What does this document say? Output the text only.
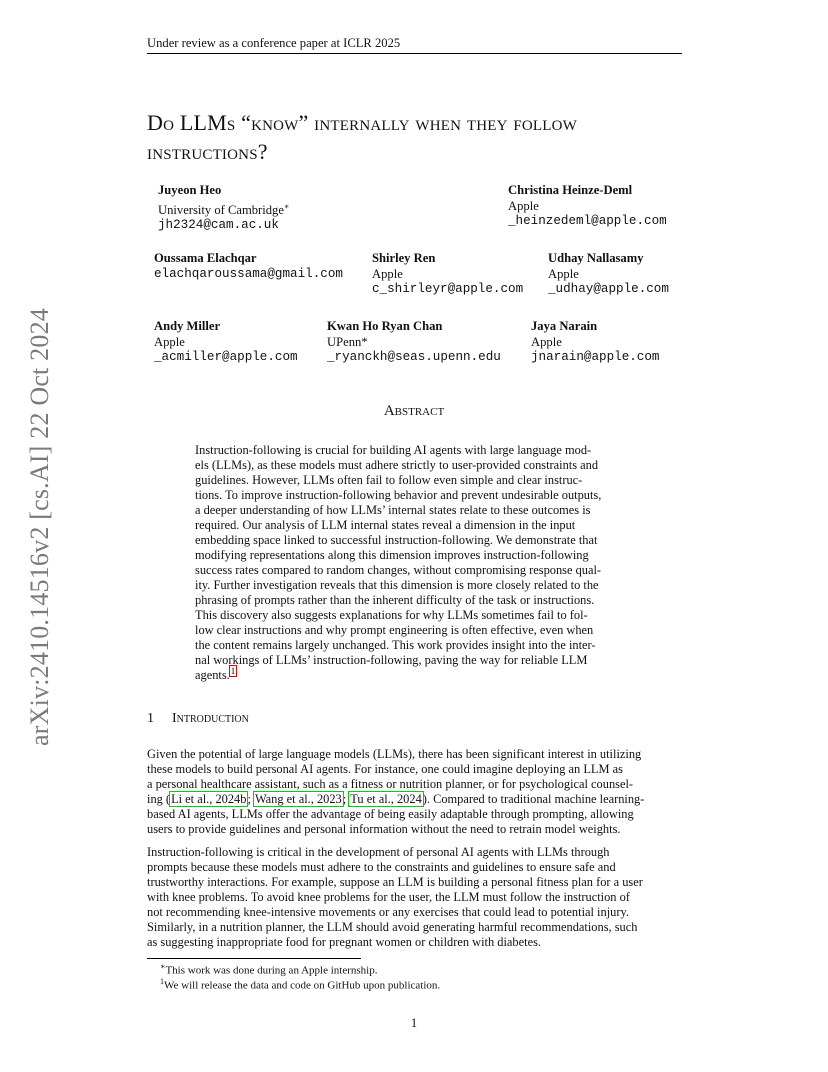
Under review as a conference paper at ICLR 2025
arXiv:2410.14516v2 [cs.AI] 22 Oct 2024
Do LLMs “know” internally when they follow
instructions?
Juyeon Heo
University of Cambridge∗
jh2324@cam.ac.uk
Christina Heinze-Deml
Apple
_heinzedeml@apple.com
Oussama Elachqar
elachqaroussama@gmail.com
Shirley Ren
Apple
c_shirleyr@apple.com
Udhay Nallasamy
Apple
_udhay@apple.com
Andy Miller
Apple
_acmiller@apple.com
Kwan Ho Ryan Chan
UPenn*
_ryanckh@seas.upenn.edu
Jaya Narain
Apple
jnarain@apple.com
Abstract
Instruction-following is crucial for building AI agents with large language mod-
els (LLMs), as these models must adhere strictly to user-provided constraints and
guidelines. However, LLMs often fail to follow even simple and clear instruc-
tions. To improve instruction-following behavior and prevent undesirable outputs,
a deeper understanding of how LLMs’ internal states relate to these outcomes is
required. Our analysis of LLM internal states reveal a dimension in the input
embedding space linked to successful instruction-following. We demonstrate that
modifying representations along this dimension improves instruction-following
success rates compared to random changes, without compromising response qual-
ity. Further investigation reveals that this dimension is more closely related to the
phrasing of prompts rather than the inherent difficulty of the task or instructions.
This discovery also suggests explanations for why LLMs sometimes fail to fol-
low clear instructions and why prompt engineering is often effective, even when
the content remains largely unchanged. This work provides insight into the inter-
nal workings of LLMs’ instruction-following, paving the way for reliable LLM
agents.$^1$
1 Introduction
Given the potential of large language models (LLMs), there has been significant interest in utilizing
these models to build personal AI agents. For instance, one could imagine deploying an LLM as
a personal healthcare assistant, such as a fitness or nutrition planner, or for psychological counsel-
ing (Li et al., 2024b; Wang et al., 2023; Tu et al., 2024). Compared to traditional machine learning-
based AI agents, LLMs offer the advantage of being easily adaptable through prompting, allowing
users to provide guidelines and personal information without the need to retrain model weights.
Instruction-following is critical in the development of personal AI agents with LLMs through
prompts because these models must adhere to the constraints and guidelines to ensure safe and
trustworthy interactions. For example, suppose an LLM is building a personal fitness plan for a user
with knee problems. To avoid knee problems for the user, the LLM must follow the instruction of
not recommending knee-intensive movements or any exercises that could lead to potential injury.
Similarly, in a nutrition planner, the LLM should avoid generating harmful recommendations, such
as suggesting inappropriate food for pregnant women or children with diabetes.
∗This work was done during an Apple internship.
$^1$We will release the data and code on GitHub upon publication.
1
